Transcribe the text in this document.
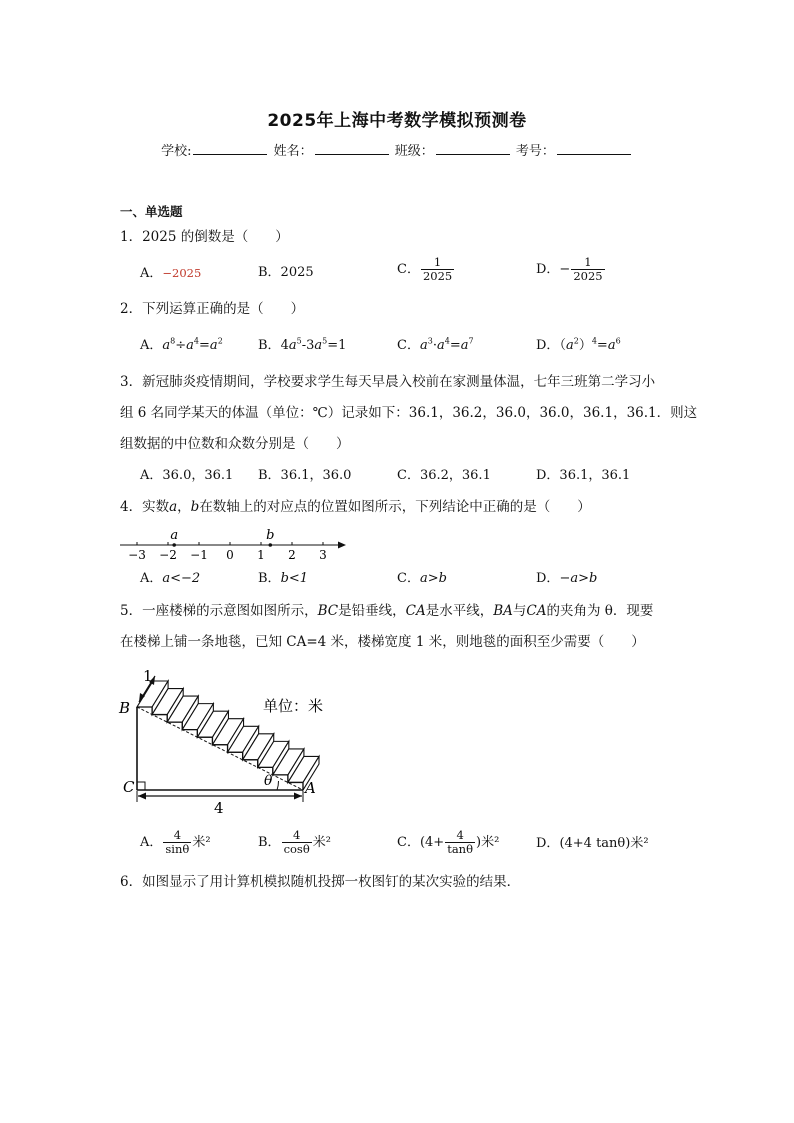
2025年上海中考数学模拟预测卷
学校:	姓名：	班级：	考号：
一、单选题
1．2025 的倒数是（　　）
A．−2025	B．2025	C． $\frac{1}{2025}$	D．− $\frac{1}{2025}$
2．下列运算正确的是（　　）
A．$a^8\div a^4=a^2$	B．$4a^5-3a^5=1$	C．$a^3\cdot a^4=a^7$	D．$(a^2)^4=a^6$
3．新冠肺炎疫情期间，学校要求学生每天早晨入校前在家测量体温，七年三班第二学习小
组 6 名同学某天的体温（单位：℃）记录如下：36.1，36.2，36.0，36.0，36.1，36.1．则这
组数据的中位数和众数分别是（　　）
A．36.0，36.1 B．36.1，36.0	C．36.2，36.1	D．36.1，36.1
4．实数a，b在数轴上的对应点的位置如图所示，下列结论中正确的是（　　）
−3 −2 −1 0 1 2 3
a	b
A．a<−2	B．b<1	C．a>b	D．−a>b
5．一座楼梯的示意图如图所示，BC是铅垂线，CA是水平线，BA与CA的夹角为 θ．现要
在楼梯上铺一条地毯，已知 CA=4 米，楼梯宽度 1 米，则地毯的面积至少需要（　　）
单位：米
B
C	A
θ
1
4
A． $\frac{4}{\sin\theta}$ 米²	B． $\frac{4}{\cos\theta}$ 米²	C．($4+ \frac{4}{\tan\theta}$ )米²	D．(4+4 tanθ)米²
6．如图显示了用计算机模拟随机投掷一枚图钉的某次实验的结果．
